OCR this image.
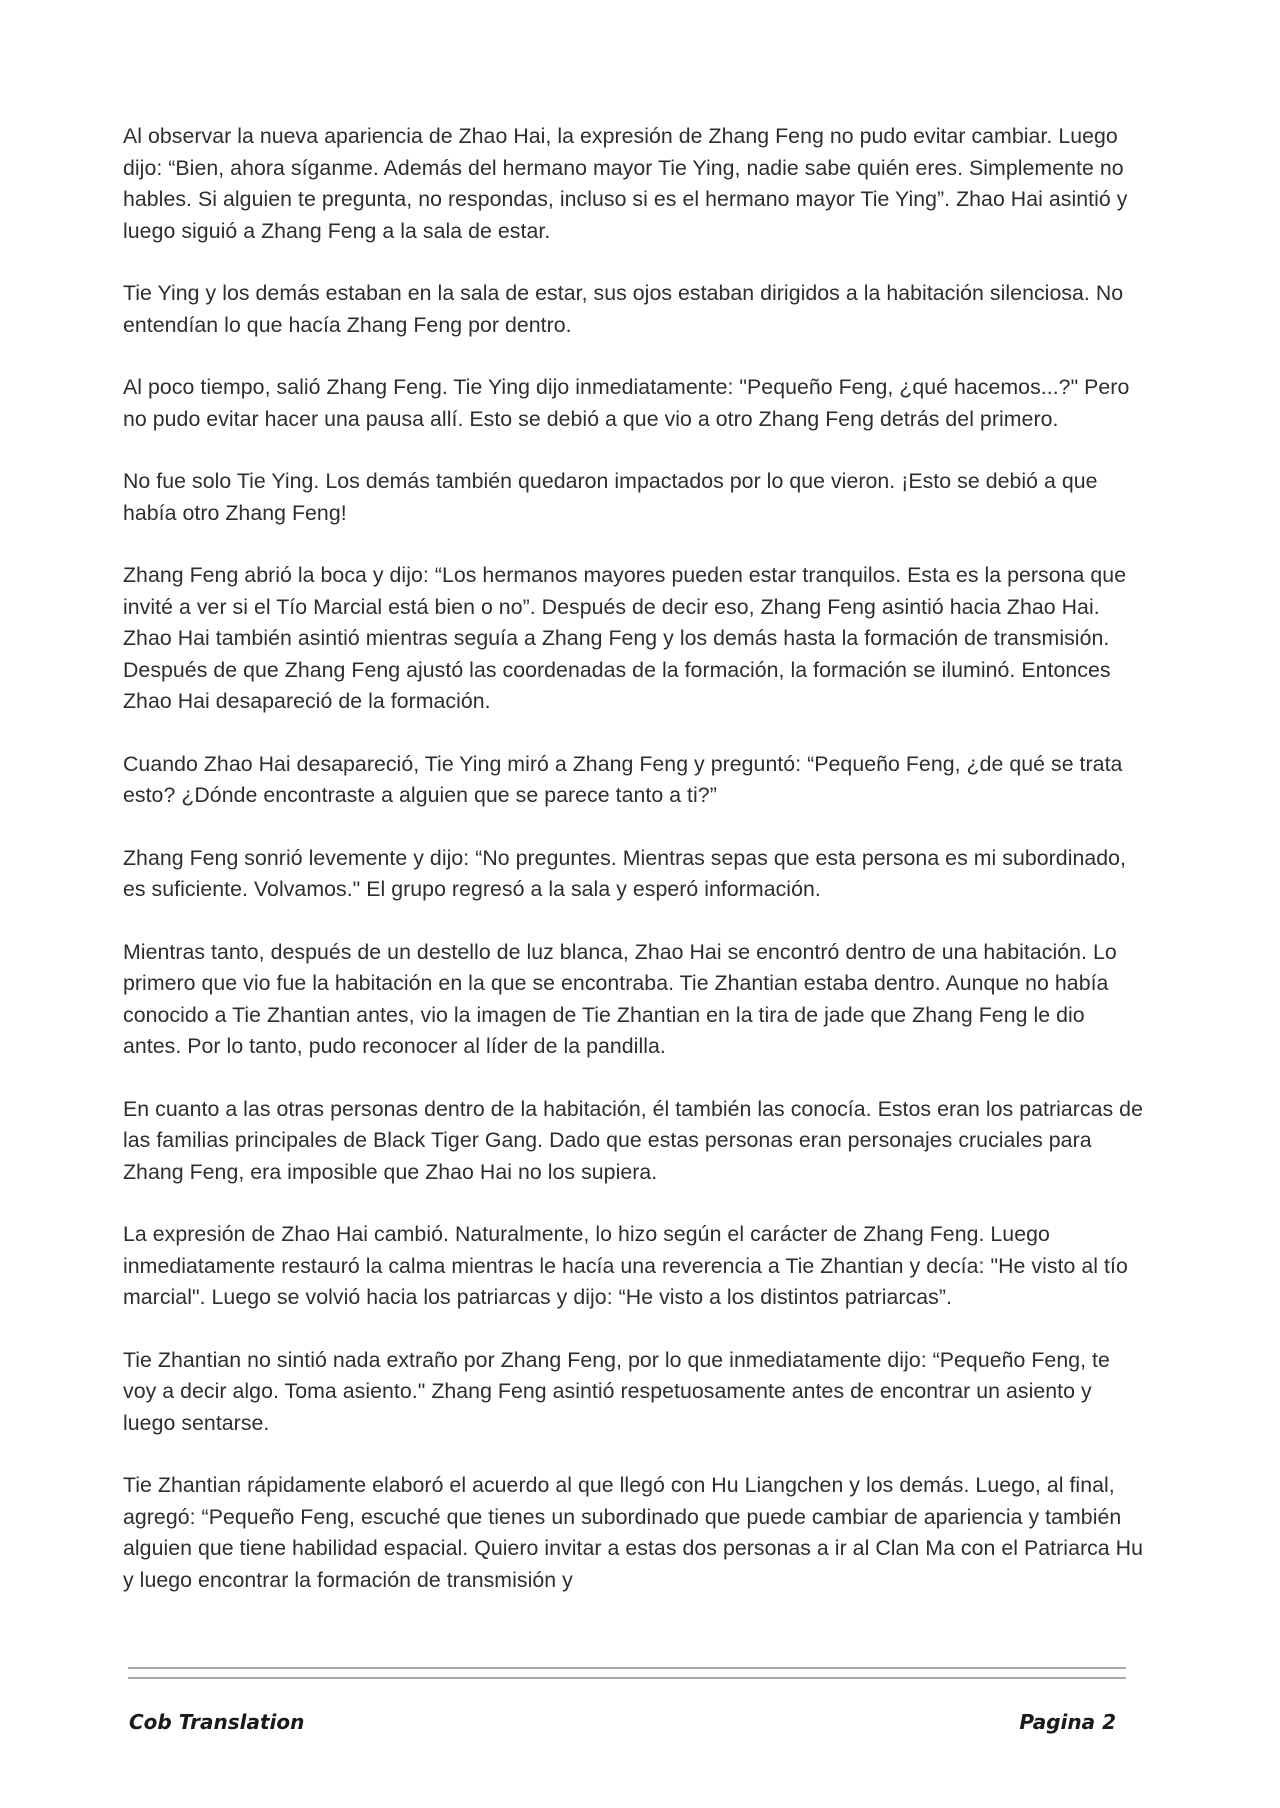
Al observar la nueva apariencia de Zhao Hai, la expresión de Zhang Feng no pudo evitar cambiar. Luego dijo: “Bien, ahora síganme. Además del hermano mayor Tie Ying, nadie sabe quién eres. Simplemente no hables. Si alguien te pregunta, no respondas, incluso si es el hermano mayor Tie Ying”. Zhao Hai asintió y luego siguió a Zhang Feng a la sala de estar.

Tie Ying y los demás estaban en la sala de estar, sus ojos estaban dirigidos a la habitación silenciosa. No entendían lo que hacía Zhang Feng por dentro.

Al poco tiempo, salió Zhang Feng. Tie Ying dijo inmediatamente: "Pequeño Feng, ¿qué hacemos...?" Pero no pudo evitar hacer una pausa allí. Esto se debió a que vio a otro Zhang Feng detrás del primero.

No fue solo Tie Ying. Los demás también quedaron impactados por lo que vieron. ¡Esto se debió a que había otro Zhang Feng!

Zhang Feng abrió la boca y dijo: “Los hermanos mayores pueden estar tranquilos. Esta es la persona que invité a ver si el Tío Marcial está bien o no”. Después de decir eso, Zhang Feng asintió hacia Zhao Hai. Zhao Hai también asintió mientras seguía a Zhang Feng y los demás hasta la formación de transmisión. Después de que Zhang Feng ajustó las coordenadas de la formación, la formación se iluminó. Entonces Zhao Hai desapareció de la formación.

Cuando Zhao Hai desapareció, Tie Ying miró a Zhang Feng y preguntó: “Pequeño Feng, ¿de qué se trata esto? ¿Dónde encontraste a alguien que se parece tanto a ti?”

Zhang Feng sonrió levemente y dijo: “No preguntes. Mientras sepas que esta persona es mi subordinado, es suficiente. Volvamos." El grupo regresó a la sala y esperó información.

Mientras tanto, después de un destello de luz blanca, Zhao Hai se encontró dentro de una habitación. Lo primero que vio fue la habitación en la que se encontraba. Tie Zhantian estaba dentro. Aunque no había conocido a Tie Zhantian antes, vio la imagen de Tie Zhantian en la tira de jade que Zhang Feng le dio antes. Por lo tanto, pudo reconocer al líder de la pandilla.

En cuanto a las otras personas dentro de la habitación, él también las conocía. Estos eran los patriarcas de las familias principales de Black Tiger Gang. Dado que estas personas eran personajes cruciales para Zhang Feng, era imposible que Zhao Hai no los supiera.

La expresión de Zhao Hai cambió. Naturalmente, lo hizo según el carácter de Zhang Feng. Luego inmediatamente restauró la calma mientras le hacía una reverencia a Tie Zhantian y decía: "He visto al tío marcial". Luego se volvió hacia los patriarcas y dijo: “He visto a los distintos patriarcas”.

Tie Zhantian no sintió nada extraño por Zhang Feng, por lo que inmediatamente dijo: “Pequeño Feng, te voy a decir algo. Toma asiento." Zhang Feng asintió respetuosamente antes de encontrar un asiento y luego sentarse.

Tie Zhantian rápidamente elaboró el acuerdo al que llegó con Hu Liangchen y los demás. Luego, al final, agregó: “Pequeño Feng, escuché que tienes un subordinado que puede cambiar de apariencia y también alguien que tiene habilidad espacial. Quiero invitar a estas dos personas a ir al Clan Ma con el Patriarca Hu y luego encontrar la formación de transmisión y

Cob Translation	Pagina 2
